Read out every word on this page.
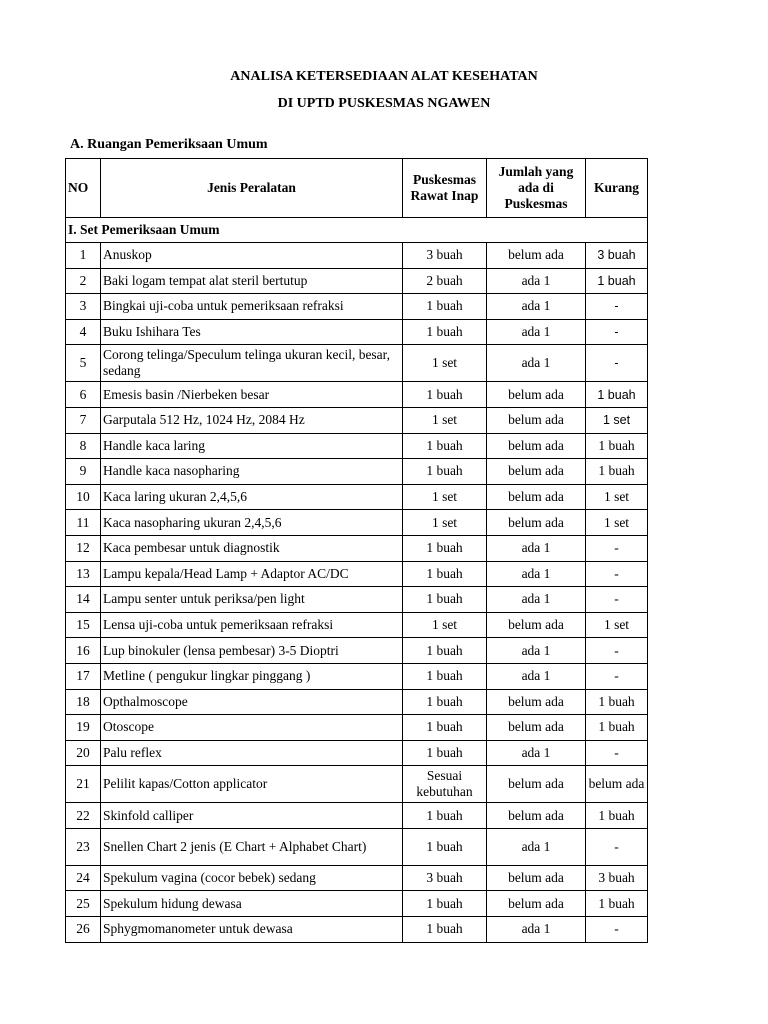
ANALISA KETERSEDIAAN ALAT KESEHATAN
DI UPTD PUSKESMAS NGAWEN
A. Ruangan Pemeriksaan Umum
NO	Jenis Peralatan	Puskesmas Rawat Inap	Jumlah yang ada di Puskesmas	Kurang
I. Set Pemeriksaan Umum				
1	Anuskop	3 buah	belum ada	3 buah
2	Baki logam tempat alat steril bertutup	2 buah	ada 1	1 buah
3	Bingkai uji-coba untuk pemeriksaan refraksi	1 buah	ada 1	-
4	Buku Ishihara Tes	1 buah	ada 1	-
5	Corong telinga/Speculum telinga ukuran kecil, besar, sedang	1 set	ada 1	-
6	Emesis basin /Nierbeken besar	1 buah	belum ada	1 buah
7	Garputala 512 Hz, 1024 Hz, 2084 Hz	1 set	belum ada	1 set
8	Handle kaca laring	1 buah	belum ada	1 buah
9	Handle kaca nasopharing	1 buah	belum ada	1 buah
10	Kaca laring ukuran 2,4,5,6	1 set	belum ada	1 set
11	Kaca nasopharing ukuran 2,4,5,6	1 set	belum ada	1 set
12	Kaca pembesar untuk diagnostik	1 buah	ada 1	-
13	Lampu kepala/Head Lamp + Adaptor AC/DC	1 buah	ada 1	-
14	Lampu senter untuk periksa/pen light	1 buah	ada 1	-
15	Lensa uji-coba untuk pemeriksaan refraksi	1 set	belum ada	1 set
16	Lup binokuler (lensa pembesar) 3-5 Dioptri	1 buah	ada 1	-
17	Metline ( pengukur lingkar pinggang )	1 buah	ada 1	-
18	Opthalmoscope	1 buah	belum ada	1 buah
19	Otoscope	1 buah	belum ada	1 buah
20	Palu reflex	1 buah	ada 1	-
21	Pelilit kapas/Cotton applicator	Sesuai kebutuhan	belum ada	belum ada
22	Skinfold calliper	1 buah	belum ada	1 buah
23	Snellen Chart 2 jenis (E Chart + Alphabet Chart)	1 buah	ada 1	-
24	Spekulum vagina (cocor bebek) sedang	3 buah	belum ada	3 buah
25	Spekulum hidung dewasa	1 buah	belum ada	1 buah
26	Sphygmomanometer untuk dewasa	1 buah	ada 1	-
